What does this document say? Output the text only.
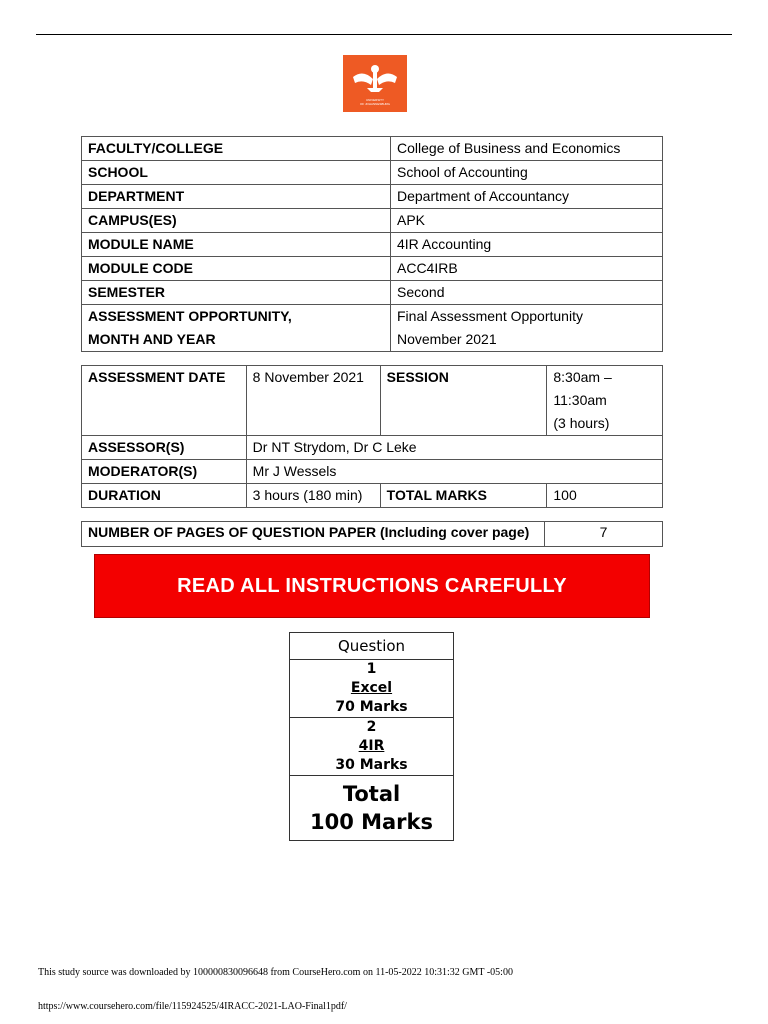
UNIVERSITY
OF JOHANNESBURG
FACULTY/COLLEGE	College of Business and Economics
SCHOOL	School of Accounting
DEPARTMENT	Department of Accountancy
CAMPUS(ES)	APK
MODULE NAME	4IR Accounting
MODULE CODE	ACC4IRB
SEMESTER	Second
ASSESSMENT OPPORTUNITY,	Final Assessment Opportunity
MONTH AND YEAR	November 2021
ASSESSMENT DATE	8 November 2021	SESSION	8:30am –
11:30am
(3 hours)

ASSESSOR(S)	Dr NT Strydom, Dr C Leke		
MODERATOR(S)	Mr J Wessels		
DURATION	3 hours (180 min)	TOTAL MARKS	100
NUMBER OF PAGES OF QUESTION PAPER (Including cover page)	7
READ ALL INSTRUCTIONS CAREFULLY
Question

1
Excel
70 Marks

2
4IR
30 Marks

Total
100 Marks
This study source was downloaded by 100000830096648 from CourseHero.com on 11-05-2022 10:31:32 GMT -05:00
https://www.coursehero.com/file/115924525/4IRACC-2021-LAO-Final1pdf/
